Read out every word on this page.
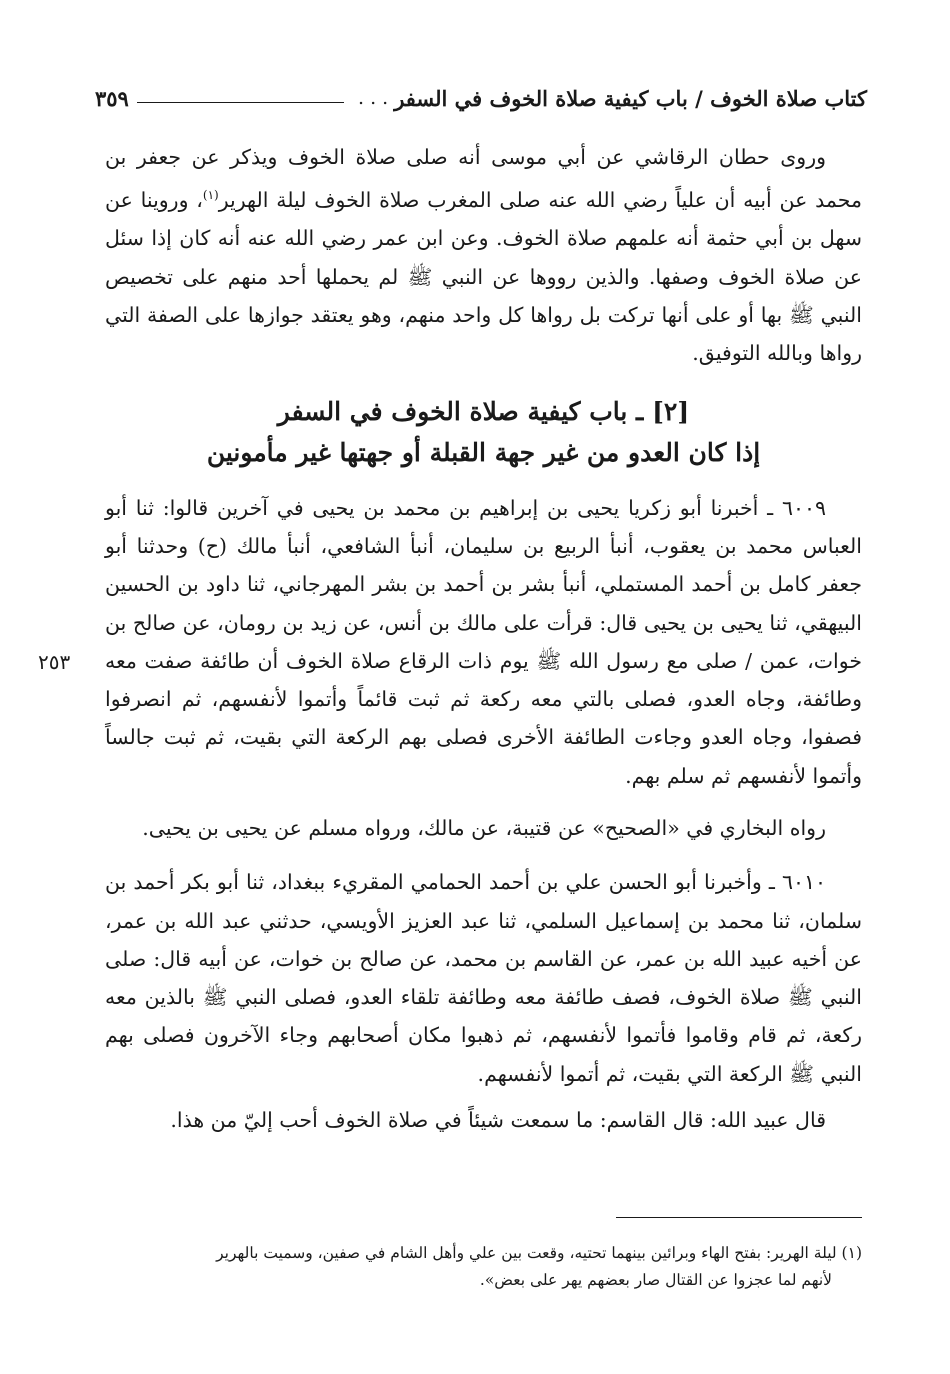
كتاب صلاة الخوف / باب كيفية صلاة الخوف في السفر
. . .
٣٥٩
٢٥٣

وروى حطان الرقاشي عن أبي موسى أنه صلى صلاة الخوف ويذكر عن جعفر بن محمد عن أبيه أن علياً رضي الله عنه صلى المغرب صلاة الخوف ليلة الهرير$^{(١)}$، وروينا عن سهل بن أبي حثمة أنه علمهم صلاة الخوف. وعن ابن عمر رضي الله عنه أنه كان إذا سئل عن صلاة الخوف وصفها. والذين رووها عن النبي ﷺ لم يحملها أحد منهم على تخصيص النبي ﷺ بها أو على أنها تركت بل رواها كل واحد منهم، وهو يعتقد جوازها على الصفة التي رواها وبالله التوفيق.

[٢] ـ باب كيفية صلاة الخوف في السفر
إذا كان العدو من غير جهة القبلة أو جهتها غير مأمونين

٦٠٠٩ ـ أخبرنا أبو زكريا يحيى بن إبراهيم بن محمد بن يحيى في آخرين قالوا: ثنا أبو العباس محمد بن يعقوب، أنبأ الربيع بن سليمان، أنبأ الشافعي، أنبأ مالك (ح) وحدثنا أبو جعفر كامل بن أحمد المستملي، أنبأ بشر بن أحمد بن بشر المهرجاني، ثنا داود بن الحسين البيهقي، ثنا يحيى بن يحيى قال: قرأت على مالك بن أنس، عن زيد بن رومان، عن صالح بن خوات، عمن / صلى مع رسول الله ﷺ يوم ذات الرقاع صلاة الخوف أن طائفة صفت معه وطائفة، وجاه العدو، فصلى بالتي معه ركعة ثم ثبت قائماً وأتموا لأنفسهم، ثم انصرفوا فصفوا، وجاه العدو وجاءت الطائفة الأخرى فصلى بهم الركعة التي بقيت، ثم ثبت جالساً وأتموا لأنفسهم ثم سلم بهم.

رواه البخاري في «الصحيح» عن قتيبة، عن مالك، ورواه مسلم عن يحيى بن يحيى.

٦٠١٠ ـ وأخبرنا أبو الحسن علي بن أحمد الحمامي المقريء ببغداد، ثنا أبو بكر أحمد بن سلمان، ثنا محمد بن إسماعيل السلمي، ثنا عبد العزيز الأويسي، حدثني عبد الله بن عمر، عن أخيه عبيد الله بن عمر، عن القاسم بن محمد، عن صالح بن خوات، عن أبيه قال: صلى النبي ﷺ صلاة الخوف، فصف طائفة معه وطائفة تلقاء العدو، فصلى النبي ﷺ بالذين معه ركعة، ثم قام وقاموا فأتموا لأنفسهم، ثم ذهبوا مكان أصحابهم وجاء الآخرون فصلى بهم النبي ﷺ الركعة التي بقيت، ثم أتموا لأنفسهم.

قال عبيد الله: قال القاسم: ما سمعت شيئاً في صلاة الخوف أحب إليّ من هذا.

(١) ليلة الهرير: بفتح الهاء وبرائين بينهما تحتيه، وقعت بين علي وأهل الشام في صفين، وسميت بالهرير

لأنهم لما عجزوا عن القتال صار بعضهم يهر على بعض».
